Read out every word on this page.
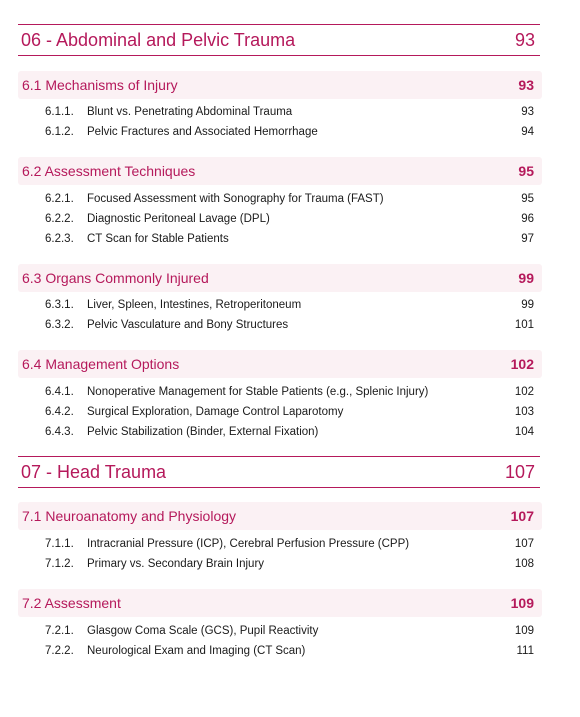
06 - Abdominal and Pelvic Trauma	93
6.1 Mechanisms of Injury	93
6.1.1.	Blunt vs. Penetrating Abdominal Trauma	93
6.1.2.	Pelvic Fractures and Associated Hemorrhage	94
6.2 Assessment Techniques	95
6.2.1.	Focused Assessment with Sonography for Trauma (FAST)	95
6.2.2.	Diagnostic Peritoneal Lavage (DPL)	96
6.2.3.	CT Scan for Stable Patients	97
6.3 Organs Commonly Injured	99
6.3.1.	Liver, Spleen, Intestines, Retroperitoneum	99
6.3.2.	Pelvic Vasculature and Bony Structures	101
6.4 Management Options	102
6.4.1.	Nonoperative Management for Stable Patients (e.g., Splenic Injury)	102
6.4.2.	Surgical Exploration, Damage Control Laparotomy	103
6.4.3.	Pelvic Stabilization (Binder, External Fixation)	104
07 - Head Trauma	107
7.1 Neuroanatomy and Physiology	107
7.1.1.	Intracranial Pressure (ICP), Cerebral Perfusion Pressure (CPP)	107
7.1.2.	Primary vs. Secondary Brain Injury	108
7.2 Assessment	109
7.2.1.	Glasgow Coma Scale (GCS), Pupil Reactivity	109
7.2.2.	Neurological Exam and Imaging (CT Scan)	111
